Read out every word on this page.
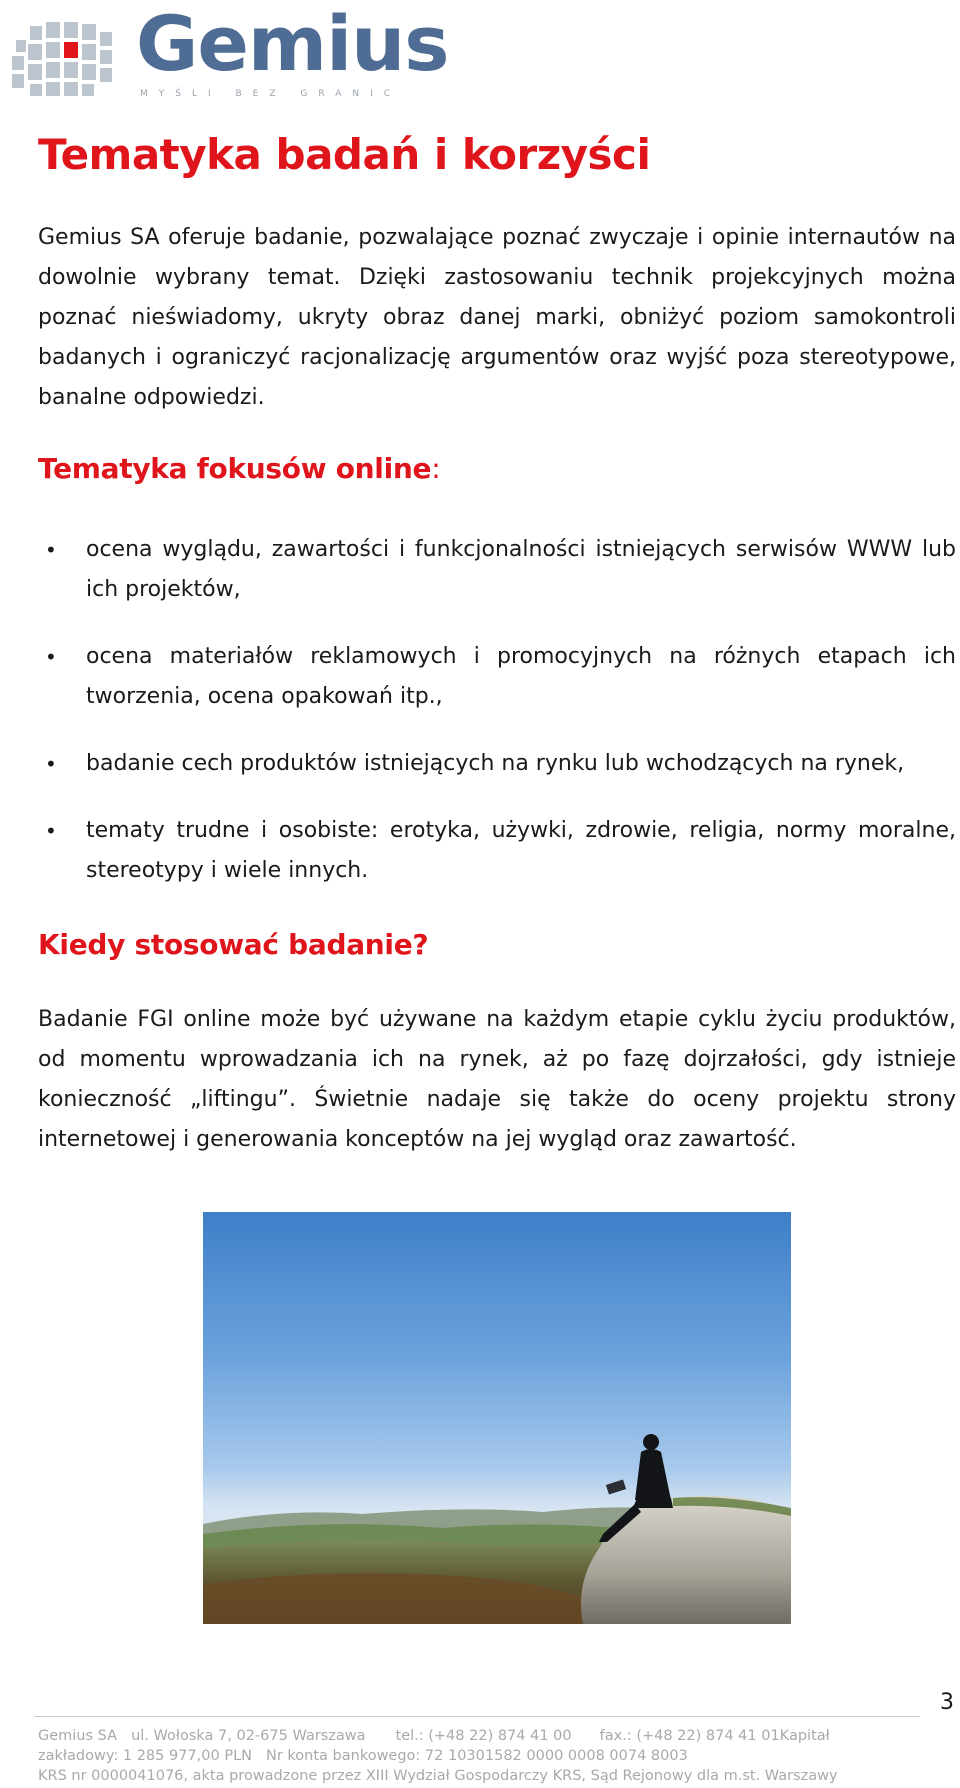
Gemius
MYŚLI BEZ GRANIC
Tematyka badań i korzyści

Gemius SA oferuje badanie, pozwalające poznać zwyczaje i opinie internautów na dowolnie wybrany temat. Dzięki zastosowaniu technik projekcyjnych można poznać nieświadomy, ukryty obraz danej marki, obniżyć poziom samokontroli badanych i ograniczyć racjonalizację argumentów oraz wyjść poza stereotypowe, banalne odpowiedzi.

Tematyka fokusów online:
• ocena wyglądu, zawartości i funkcjonalności istniejących serwisów WWW lub ich projektów,
• ocena materiałów reklamowych i promocyjnych na różnych etapach ich tworzenia, ocena opakowań itp.,
• badanie cech produktów istniejących na rynku lub wchodzących na rynek,
• tematy trudne i osobiste: erotyka, używki, zdrowie, religia, normy moralne, stereotypy i wiele innych.
Kiedy stosować badanie?

Badanie FGI online może być używane na każdym etapie cyklu życiu produktów, od momentu wprowadzania ich na rynek, aż po fazę dojrzałości, gdy istnieje konieczność „liftingu”. Świetnie nadaje się także do oceny projektu strony internetowej i generowania konceptów na jej wygląd oraz zawartość.

3
Gemius SA ul. Wołoska 7, 02-675 Warszawa tel.: (+48 22) 874 41 00 fax.: (+48 22) 874 41 01Kapitał
zakładowy: 1 285 977,00 PLN Nr konta bankowego: 72 10301582 0000 0008 0074 8003
KRS nr 0000041076, akta prowadzone przez XIII Wydział Gospodarczy KRS, Sąd Rejonowy dla m.st. Warszawy
